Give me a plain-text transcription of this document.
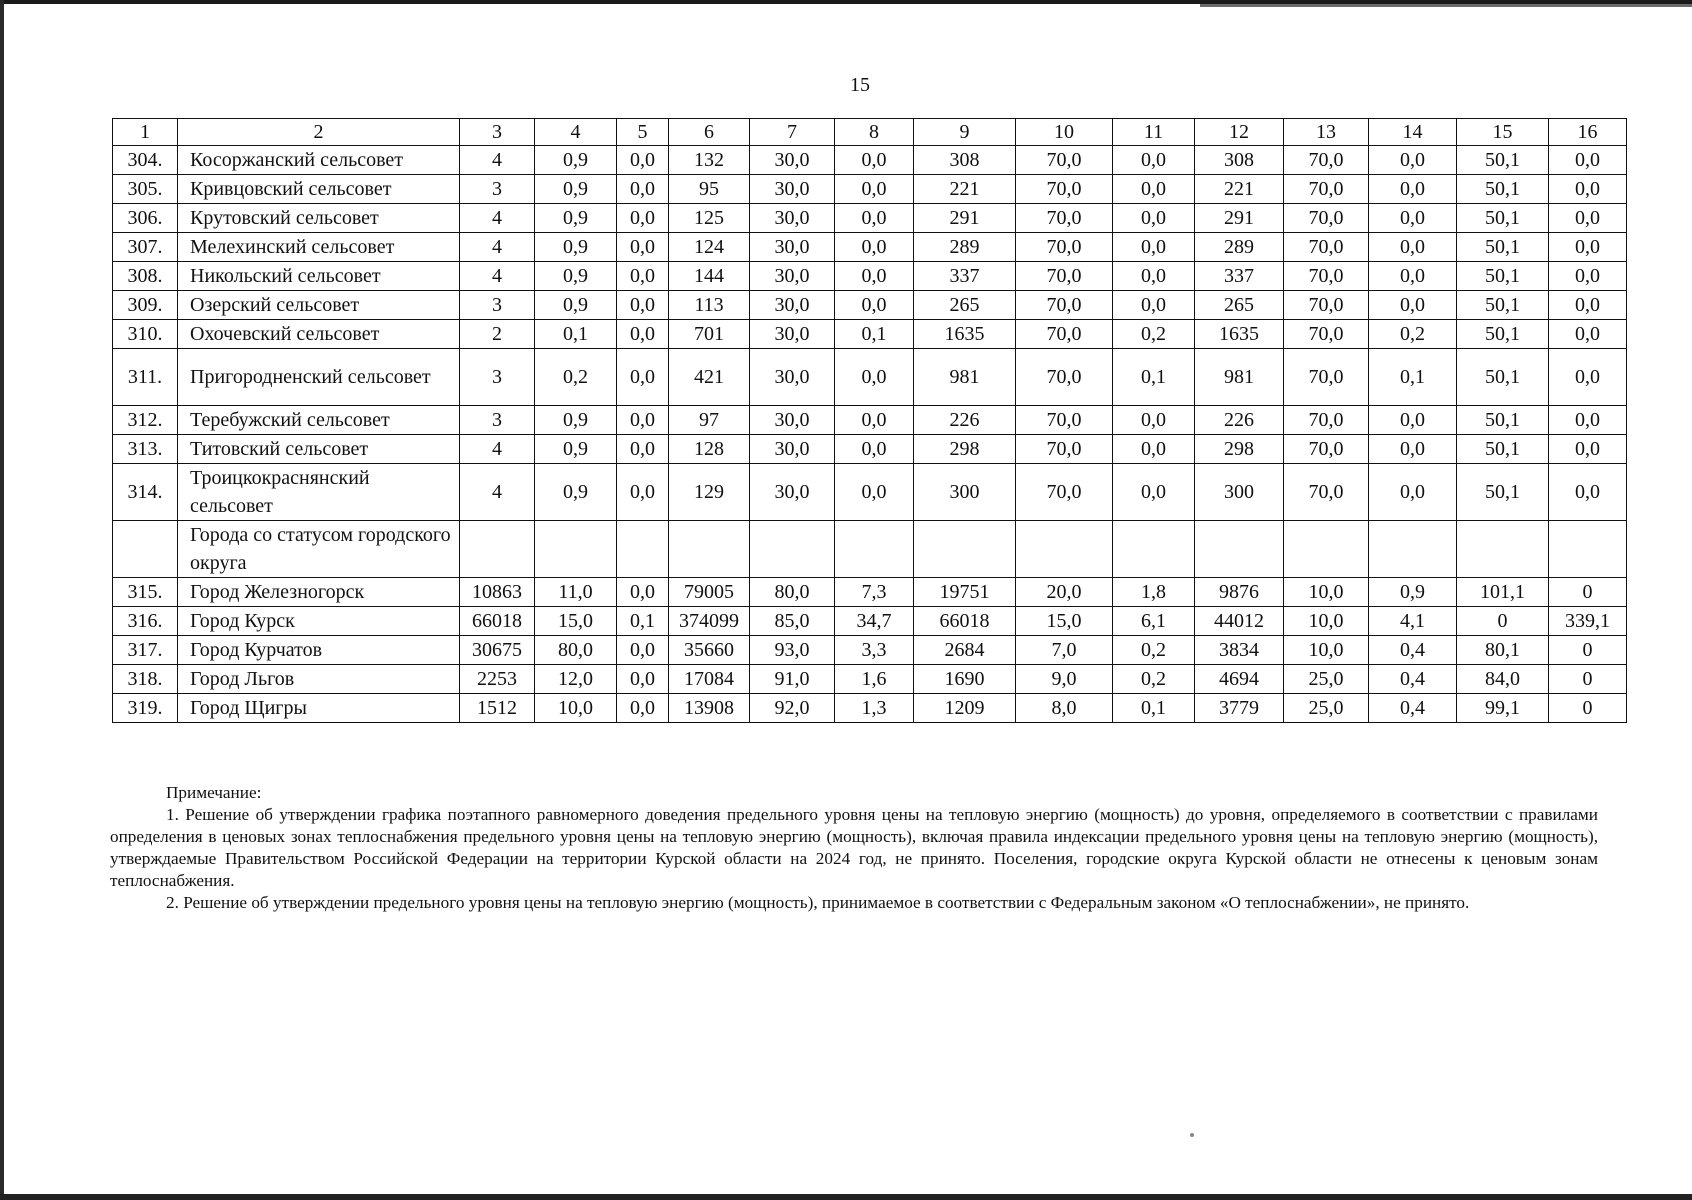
15
1	2	3	4	5	6	7	8	9	10	11	12	13	14	15	16
304.	Косоржанский сельсовет	4	0,9	0,0	132	30,0	0,0	308	70,0	0,0	308	70,0	0,0	50,1	0,0
305.	Кривцовский сельсовет	3	0,9	0,0	95	30,0	0,0	221	70,0	0,0	221	70,0	0,0	50,1	0,0
306.	Крутовский сельсовет	4	0,9	0,0	125	30,0	0,0	291	70,0	0,0	291	70,0	0,0	50,1	0,0
307.	Мелехинский сельсовет	4	0,9	0,0	124	30,0	0,0	289	70,0	0,0	289	70,0	0,0	50,1	0,0
308.	Никольский сельсовет	4	0,9	0,0	144	30,0	0,0	337	70,0	0,0	337	70,0	0,0	50,1	0,0
309.	Озерский сельсовет	3	0,9	0,0	113	30,0	0,0	265	70,0	0,0	265	70,0	0,0	50,1	0,0
310.	Охочевский сельсовет	2	0,1	0,0	701	30,0	0,1	1635	70,0	0,2	1635	70,0	0,2	50,1	0,0
311.	Пригородненский сельсовет	3	0,2	0,0	421	30,0	0,0	981	70,0	0,1	981	70,0	0,1	50,1	0,0
312.	Теребужский сельсовет	3	0,9	0,0	97	30,0	0,0	226	70,0	0,0	226	70,0	0,0	50,1	0,0
313.	Титовский сельсовет	4	0,9	0,0	128	30,0	0,0	298	70,0	0,0	298	70,0	0,0	50,1	0,0
314.	Троицкокраснянский сельсовет	4	0,9	0,0	129	30,0	0,0	300	70,0	0,0	300	70,0	0,0	50,1	0,0
	Города со статусом городского округа														
315.	Город Железногорск	10863	11,0	0,0	79005	80,0	7,3	19751	20,0	1,8	9876	10,0	0,9	101,1	0
316.	Город Курск	66018	15,0	0,1	374099	85,0	34,7	66018	15,0	6,1	44012	10,0	4,1	0	339,1
317.	Город Курчатов	30675	80,0	0,0	35660	93,0	3,3	2684	7,0	0,2	3834	10,0	0,4	80,1	0
318.	Город Льгов	2253	12,0	0,0	17084	91,0	1,6	1690	9,0	0,2	4694	25,0	0,4	84,0	0
319.	Город Щигры	1512	10,0	0,0	13908	92,0	1,3	1209	8,0	0,1	3779	25,0	0,4	99,1	0
Примечание:
1. Решение об утверждении графика поэтапного равномерного доведения предельного уровня цены на тепловую энергию (мощность) до уровня, определяемого в соответствии с правилами определения в ценовых зонах теплоснабжения предельного уровня цены на тепловую энергию (мощность), включая правила индексации предельного уровня цены на тепловую энергию (мощность), утверждаемые Правительством Российской Федерации на территории Курской области на 2024 год, не принято. Поселения, городские округа Курской области не отнесены к ценовым зонам теплоснабжения.
2. Решение об утверждении предельного уровня цены на тепловую энергию (мощность), принимаемое в соответствии с Федеральным законом «О теплоснабжении», не принято.
